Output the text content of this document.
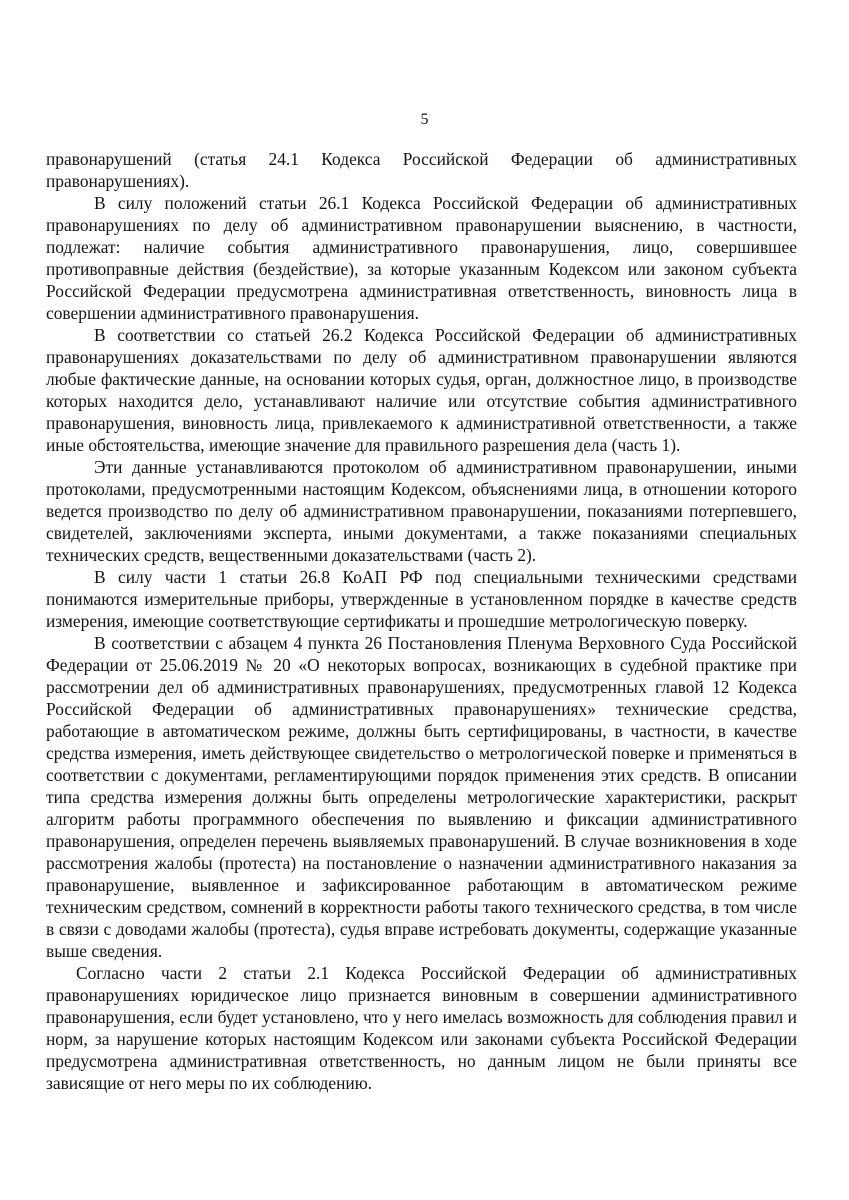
5

правонарушений (статья 24.1 Кодекса Российской Федерации об административных правонарушениях).

В силу положений статьи 26.1 Кодекса Российской Федерации об административных правонарушениях по делу об административном правонарушении выяснению, в частности, подлежат: наличие события административного правонарушения, лицо, совершившее противоправные действия (бездействие), за которые указанным Кодексом или законом субъекта Российской Федерации предусмотрена административная ответственность, виновность лица в совершении административного правонарушения.

В соответствии со статьей 26.2 Кодекса Российской Федерации об административных правонарушениях доказательствами по делу об административном правонарушении являются любые фактические данные, на основании которых судья, орган, должностное лицо, в производстве которых находится дело, устанавливают наличие или отсутствие события административного правонарушения, виновность лица, привлекаемого к административной ответственности, а также иные обстоятельства, имеющие значение для правильного разрешения дела (часть 1).

Эти данные устанавливаются протоколом об административном правонарушении, иными протоколами, предусмотренными настоящим Кодексом, объяснениями лица, в отношении которого ведется производство по делу об административном правонарушении, показаниями потерпевшего, свидетелей, заключениями эксперта, иными документами, а также показаниями специальных технических средств, вещественными доказательствами (часть 2).

В силу части 1 статьи 26.8 КоАП РФ под специальными техническими средствами понимаются измерительные приборы, утвержденные в установленном порядке в качестве средств измерения, имеющие соответствующие сертификаты и прошедшие метрологическую поверку.

В соответствии с абзацем 4 пункта 26 Постановления Пленума Верховного Суда Российской Федерации от 25.06.2019 № 20 «О некоторых вопросах, возникающих в судебной практике при рассмотрении дел об административных правонарушениях, предусмотренных главой 12 Кодекса Российской Федерации об административных правонарушениях» технические средства, работающие в автоматическом режиме, должны быть сертифицированы, в частности, в качестве средства измерения, иметь действующее свидетельство о метрологической поверке и применяться в соответствии с документами, регламентирующими порядок применения этих средств. В описании типа средства измерения должны быть определены метрологические характеристики, раскрыт алгоритм работы программного обеспечения по выявлению и фиксации административного правонарушения, определен перечень выявляемых правонарушений. В случае возникновения в ходе рассмотрения жалобы (протеста) на постановление о назначении административного наказания за правонарушение, выявленное и зафиксированное работающим в автоматическом режиме техническим средством, сомнений в корректности работы такого технического средства, в том числе в связи с доводами жалобы (протеста), судья вправе истребовать документы, содержащие указанные выше сведения.

Согласно части 2 статьи 2.1 Кодекса Российской Федерации об административных правонарушениях юридическое лицо признается виновным в совершении административного правонарушения, если будет установлено, что у него имелась возможность для соблюдения правил и норм, за нарушение которых настоящим Кодексом или законами субъекта Российской Федерации предусмотрена административная ответственность, но данным лицом не были приняты все зависящие от него меры по их соблюдению.
